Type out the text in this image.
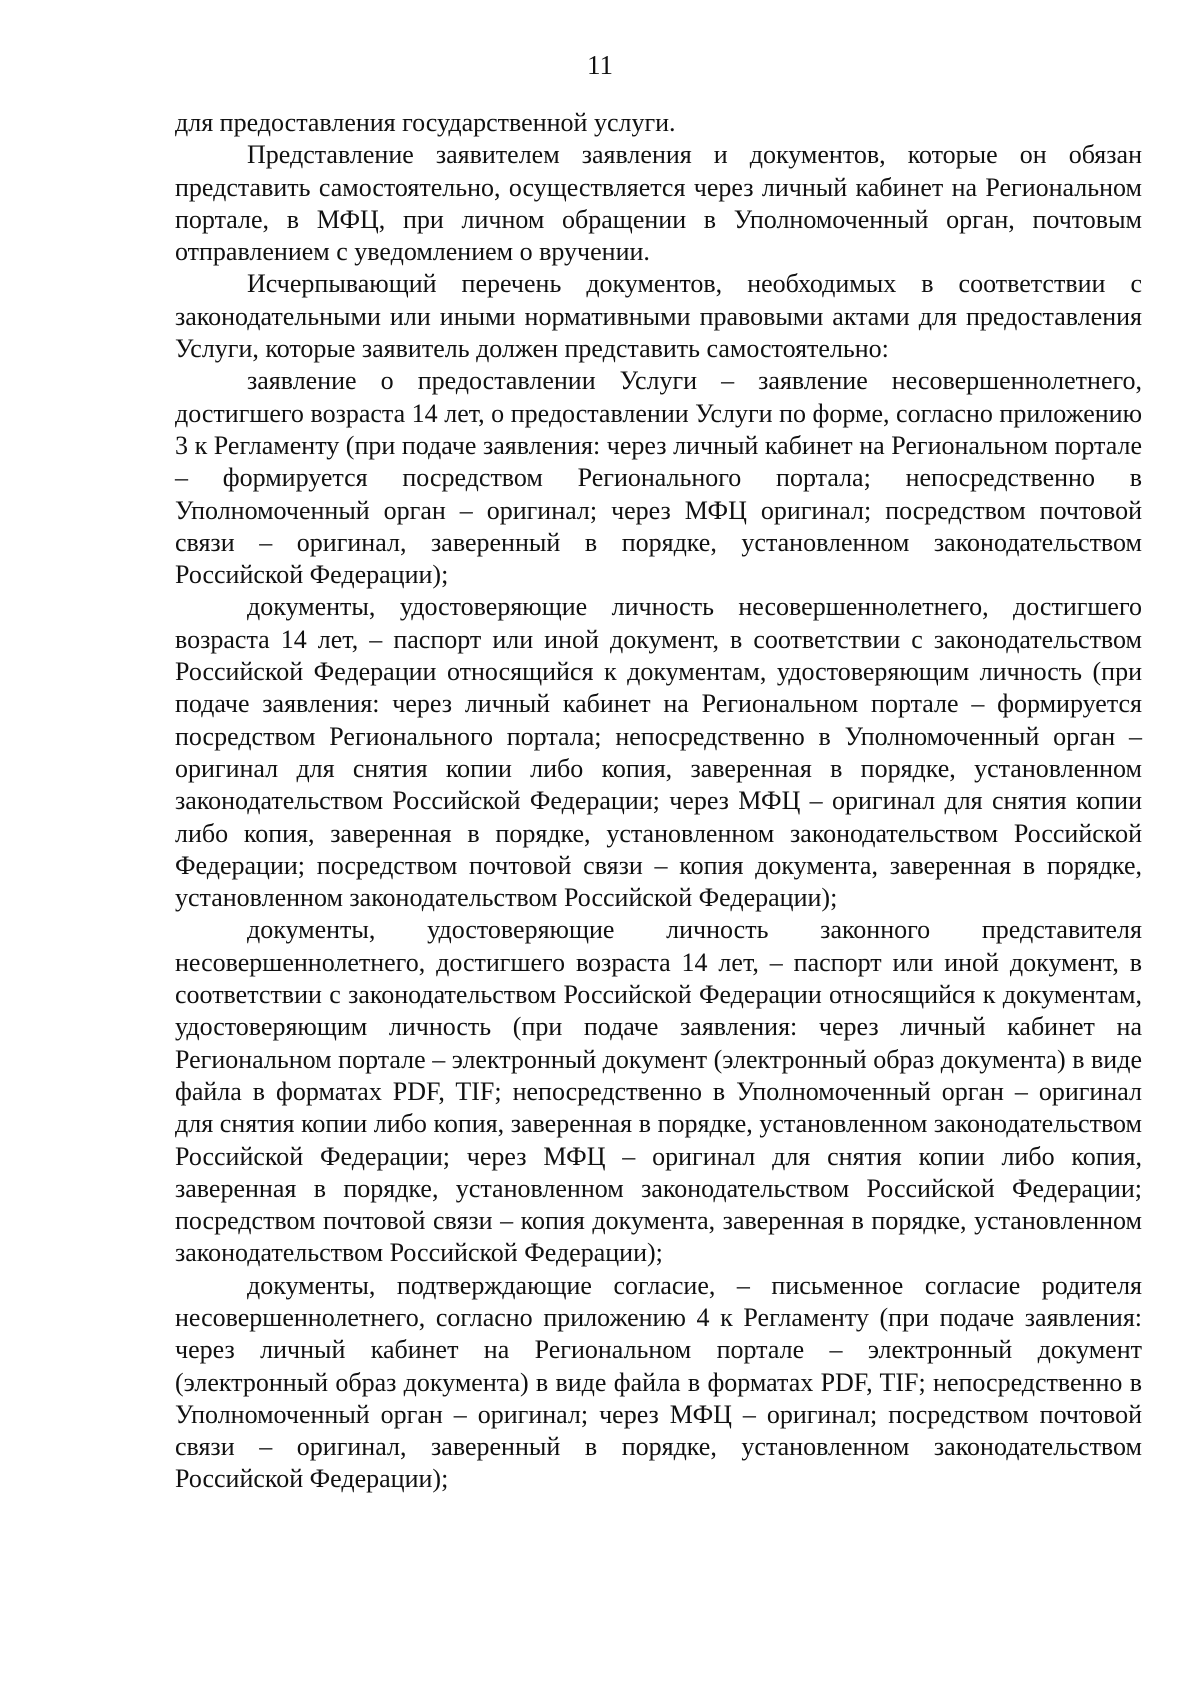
11

для предоставления государственной услуги.

Представление заявителем заявления и документов, которые он обязан представить самостоятельно, осуществляется через личный кабинет на Региональном портале, в МФЦ, при личном обращении в Уполномоченный орган, почтовым отправлением с уведомлением о вручении.

Исчерпывающий перечень документов, необходимых в соответствии с законодательными или иными нормативными правовыми актами для предоставления Услуги, которые заявитель должен представить самостоятельно:

заявление о предоставлении Услуги – заявление несовершеннолетнего, достигшего возраста 14 лет, о предоставлении Услуги по форме, согласно приложению 3 к Регламенту (при подаче заявления: через личный кабинет на Региональном портале – формируется посредством Регионального портала; непосредственно в Уполномоченный орган – оригинал; через МФЦ оригинал; посредством почтовой связи – оригинал, заверенный в порядке, установленном законодательством Российской Федерации);

документы, удостоверяющие личность несовершеннолетнего, достигшего возраста 14 лет, – паспорт или иной документ, в соответствии с законодательством Российской Федерации относящийся к документам, удостоверяющим личность (при подаче заявления: через личный кабинет на Региональном портале – формируется посредством Регионального портала; непосредственно в Уполномоченный орган – оригинал для снятия копии либо копия, заверенная в порядке, установленном законодательством Российской Федерации; через МФЦ – оригинал для снятия копии либо копия, заверенная в порядке, установленном законодательством Российской Федерации; посредством почтовой связи – копия документа, заверенная в порядке, установленном законодательством Российской Федерации);

документы, удостоверяющие личность законного представителя несовершеннолетнего, достигшего возраста 14 лет, – паспорт или иной документ, в соответствии с законодательством Российской Федерации относящийся к документам, удостоверяющим личность (при подаче заявления: через личный кабинет на Региональном портале – электронный документ (электронный образ документа) в виде файла в форматах PDF, TIF; непосредственно в Уполномоченный орган – оригинал для снятия копии либо копия, заверенная в порядке, установленном законодательством Российской Федерации; через МФЦ – оригинал для снятия копии либо копия, заверенная в порядке, установленном законодательством Российской Федерации; посредством почтовой связи – копия документа, заверенная в порядке, установленном законодательством Российской Федерации);

документы, подтверждающие согласие, – письменное согласие родителя несовершеннолетнего, согласно приложению 4 к Регламенту (при подаче заявления: через личный кабинет на Региональном портале – электронный документ (электронный образ документа) в виде файла в форматах PDF, TIF; непосредственно в Уполномоченный орган – оригинал; через МФЦ – оригинал; посредством почтовой связи – оригинал, заверенный в порядке, установленном законодательством Российской Федерации);
